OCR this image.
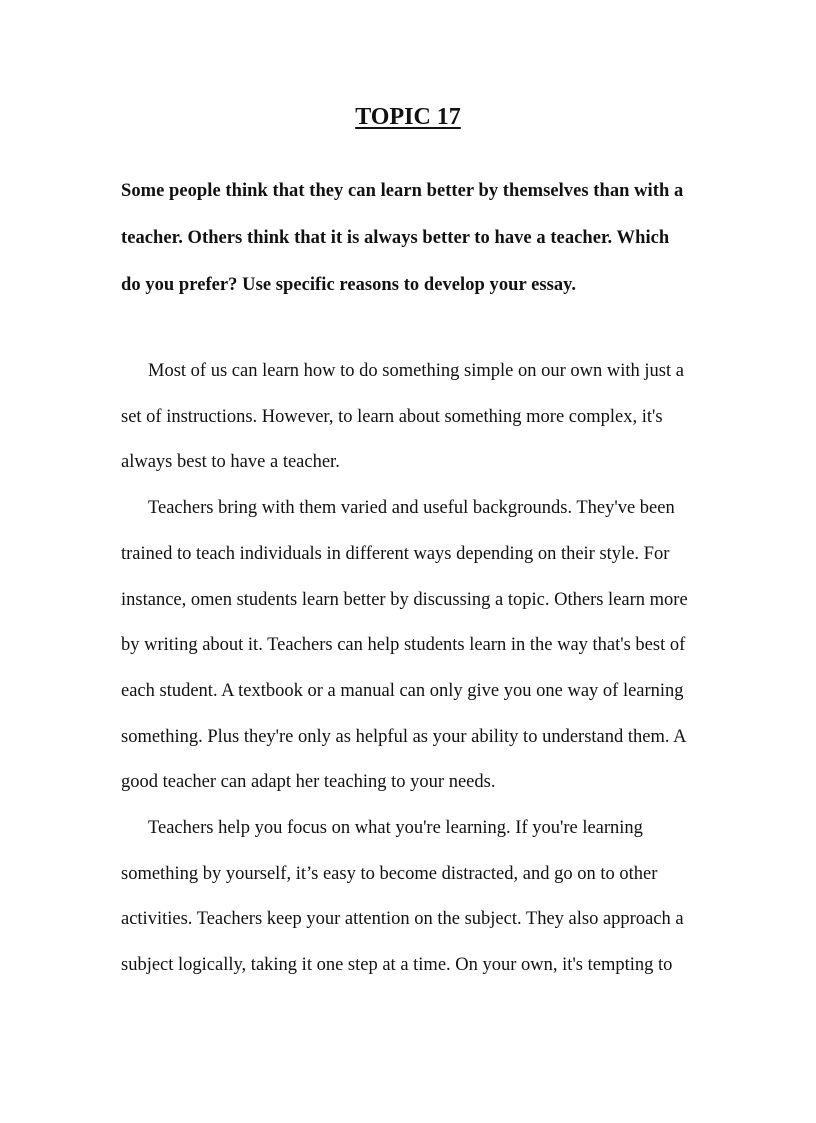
TOPIC 17

Some people think that they can learn better by themselves than with a
teacher. Others think that it is always better to have a teacher. Which
do you prefer? Use specific reasons to develop your essay.

Most of us can learn how to do something simple on our own with just a
set of instructions. However, to learn about something more complex, it's
always best to have a teacher.
Teachers bring with them varied and useful backgrounds. They've been
trained to teach individuals in different ways depending on their style. For
instance, omen students learn better by discussing a topic. Others learn more
by writing about it. Teachers can help students learn in the way that's best of
each student. A textbook or a manual can only give you one way of learning
something. Plus they're only as helpful as your ability to understand them. A
good teacher can adapt her teaching to your needs.
Teachers help you focus on what you're learning. If you're learning
something by yourself, it’s easy to become distracted, and go on to other
activities. Teachers keep your attention on the subject. They also approach a
subject logically, taking it one step at a time. On your own, it's tempting to
